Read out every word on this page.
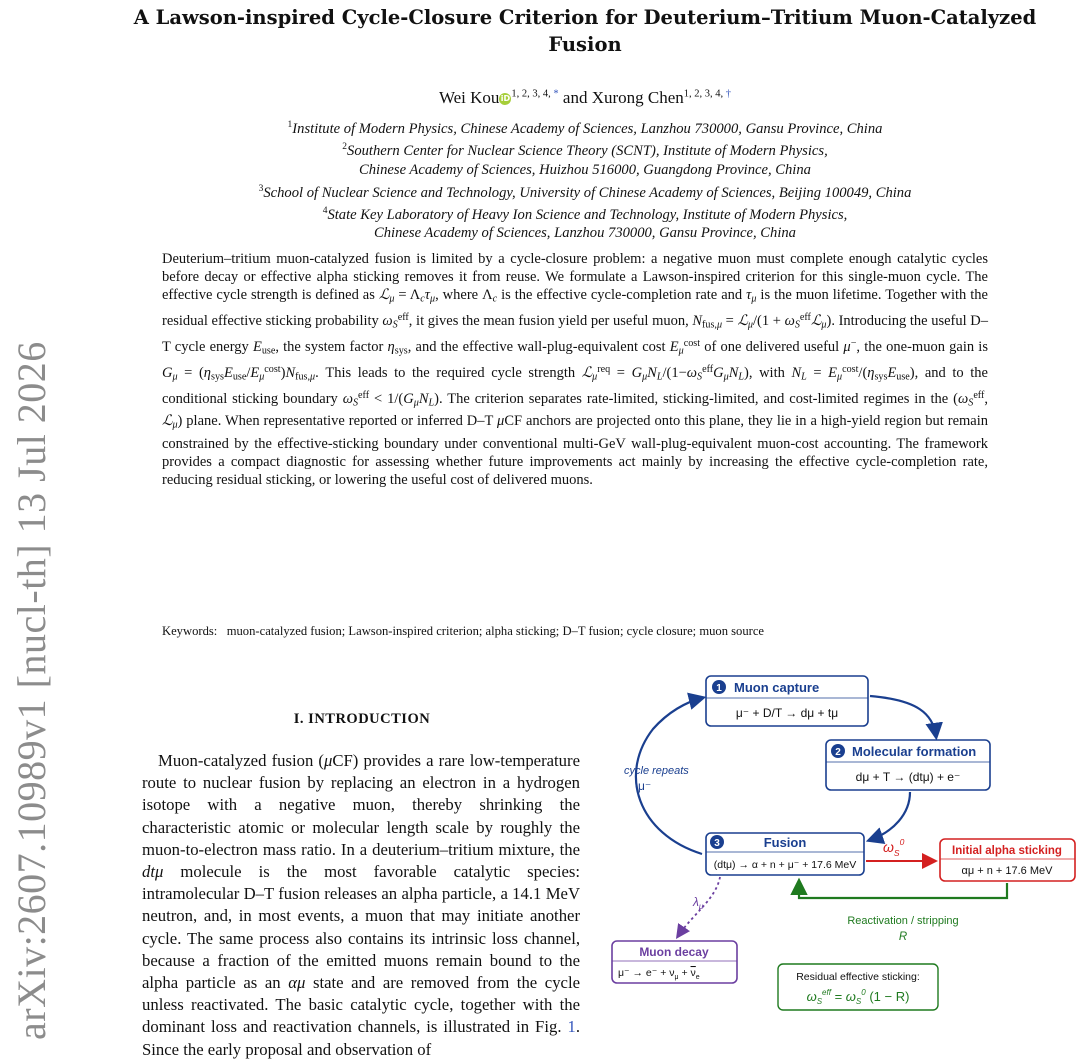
arXiv:2607.10989v1 [nucl-th] 13 Jul 2026
A Lawson-inspired Cycle-Closure Criterion for Deuterium–Tritium Muon-Catalyzed
Fusion
Wei KouiD$^{1, 2, 3, 4,}$ * and Xurong Chen$^{1, 2, 3, 4,}$ †
$^1$Institute of Modern Physics, Chinese Academy of Sciences, Lanzhou 730000, Gansu Province, China
$^2$Southern Center for Nuclear Science Theory (SCNT), Institute of Modern Physics,
Chinese Academy of Sciences, Huizhou 516000, Guangdong Province, China
$^3$School of Nuclear Science and Technology, University of Chinese Academy of Sciences, Beijing 100049, China
$^4$State Key Laboratory of Heavy Ion Science and Technology, Institute of Modern Physics,
Chinese Academy of Sciences, Lanzhou 730000, Gansu Province, China
Deuterium–tritium muon-catalyzed fusion is limited by a cycle-closure problem: a negative muon must complete enough catalytic cycles before decay or effective alpha sticking removes it from reuse. We formulate a Lawson-inspired criterion for this single-muon cycle. The effective cycle strength is defined as ℒ$_\mu$ = $\Lambda_c\tau_\mu$, where $\Lambda_c$ is the effective cycle-completion rate and $\tau_\mu$ is the muon lifetime. Together with the residual effective sticking probability $\omega_S^{eff}$, it gives the mean fusion yield per useful muon, $N_{fus,\mu}$ = ℒ$_\mu$/(1 + $\omega_S^{eff}ℒ_\mu$). Introducing the useful D–T cycle energy $E_{use}$, the system factor $\eta_{sys}$, and the effective wall-plug-equivalent cost $E_\mu^{cost}$ of one delivered useful μ−, the one-muon gain is $G_\mu = (\eta_{sys}E_{use}/E_\mu^{cost})N_{fus,\mu}$. This leads to the required cycle strength ℒ$_\mu^{req}$ = $G_\mu N_L/(1-\omega_S^{eff}G_\mu N_L)$, with $N_L = E_\mu^{cost}/(\eta_{sys}E_{use})$, and to the conditional sticking boundary $\omega_S^{eff} < 1/(G_\mu N_L)$. The criterion separates rate-limited, sticking-limited, and cost-limited regimes in the ($\omega_S^{eff}$, ℒ$_\mu$) plane. When representative reported or inferred D–T μCF anchors are projected onto this plane, they lie in a high-yield region but remain constrained by the effective-sticking boundary under conventional multi-GeV wall-plug-equivalent muon-cost accounting. The framework provides a compact diagnostic for assessing whether future improvements act mainly by increasing the effective cycle-completion rate, reducing residual sticking, or lowering the useful cost of delivered muons.
Keywords: muon-catalyzed fusion; Lawson-inspired criterion; alpha sticking; D–T fusion; cycle closure; muon source
I. INTRODUCTION
Muon-catalyzed fusion (μCF) provides a rare low-temperature route to nuclear fusion by replacing an electron in a hydrogen isotope with a negative muon, thereby shrinking the characteristic atomic or molecular length scale by roughly the muon-to-electron mass ratio. In a deuterium–tritium mixture, the dtμ molecule is the most favorable catalytic species: intramolecular D–T fusion releases an alpha particle, a 14.1 MeV neutron, and, in most events, a muon that may initiate another cycle. The same process also contains its intrinsic loss channel, because a fraction of the emitted muons remain bound to the alpha particle as an αμ state and are removed from the cycle unless reactivated. The basic catalytic cycle, together with the dominant loss and reactivation channels, is illustrated in Fig. 1. Since the early proposal and observation of
1 Muon capture
μ⁻ + D/T → dμ + tμ
2 Molecular formation
dμ + T → (dtμ) + e⁻
3	Fusion
(dtμ) → α + n + μ⁻ + 17.6 MeV
Initial alpha sticking
αμ + n + 17.6 MeV
Muon decay
$\mu^- \to e^- + \nu_\mu + \nu_e$	Residual effective sticking:
$\omega_S^{eff} = \omega_S^0$ (1 − R)
cycle repeats
μ⁻
$\omega_S^0$
$\lambda_\mu$
Reactivation / stripping
R
